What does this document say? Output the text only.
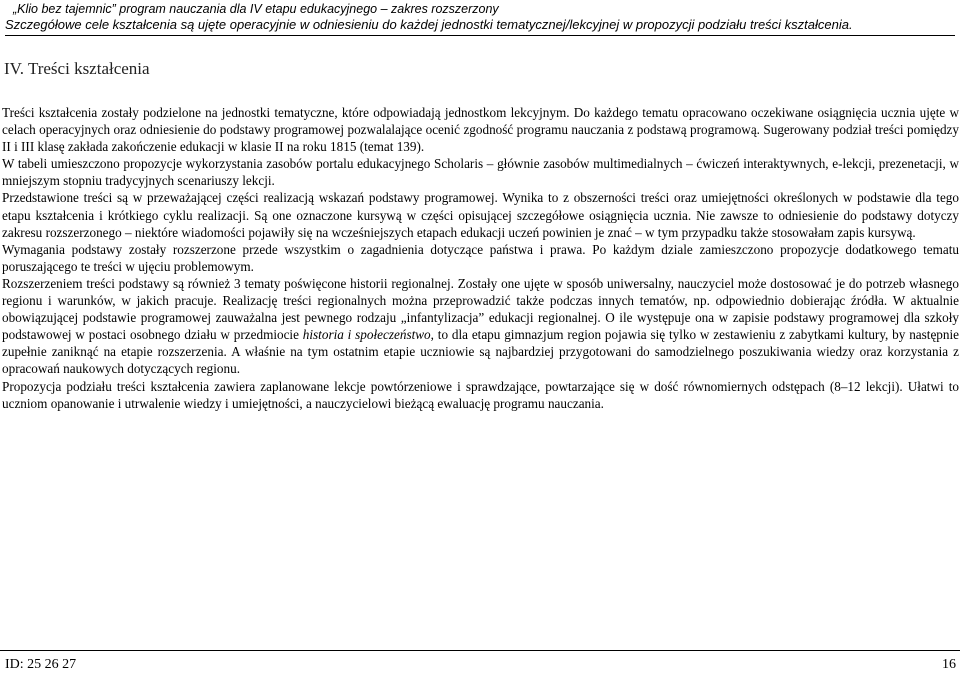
„Klio bez tajemnic” program nauczania dla IV etapu edukacyjnego – zakres rozszerzony
Szczegółowe cele kształcenia są ujęte operacyjnie w odniesieniu do każdej jednostki tematycznej/lekcyjnej w propozycji podziału treści kształcenia.
IV. Treści kształcenia

Treści kształcenia zostały podzielone na jednostki tematyczne, które odpowiadają jednostkom lekcyjnym. Do każdego tematu opracowano oczekiwane osiągnięcia ucznia ujęte w celach operacyjnych oraz odniesienie do podstawy programowej pozwalalające ocenić zgodność programu nauczania z podstawą programową. Sugerowany podział treści pomiędzy II i III klasę zakłada zakończenie edukacji w klasie II na roku 1815 (temat 139).

W tabeli umieszczono propozycje wykorzystania zasobów portalu edukacyjnego Scholaris – głównie zasobów multimedialnych – ćwiczeń interaktywnych, e-lekcji, prezenetacji, w mniejszym stopniu tradycyjnych scenariuszy lekcji.

Przedstawione treści są w przeważającej części realizacją wskazań podstawy programowej. Wynika to z obszerności treści oraz umiejętności określonych w podstawie dla tego etapu kształcenia i krótkiego cyklu realizacji. Są one oznaczone kursywą w części opisującej szczegółowe osiągnięcia ucznia. Nie zawsze to odniesienie do podstawy dotyczy zakresu rozszerzonego – niektóre wiadomości pojawiły się na wcześniejszych etapach edukacji uczeń powinien je znać – w tym przypadku także stosowałam zapis kursywą.

Wymagania podstawy zostały rozszerzone przede wszystkim o zagadnienia dotyczące państwa i prawa. Po każdym dziale zamieszczono propozycje dodatkowego tematu poruszającego te treści w ujęciu problemowym.

Rozszerzeniem treści podstawy są również 3 tematy poświęcone historii regionalnej. Zostały one ujęte w sposób uniwersalny, nauczyciel może dostosować je do potrzeb własnego regionu i warunków, w jakich pracuje. Realizację treści regionalnych można przeprowadzić także podczas innych tematów, np. odpowiednio dobierając źródła. W aktualnie obowiązującej podstawie programowej zauważalna jest pewnego rodzaju „infantylizacja” edukacji regionalnej. O ile występuje ona w zapisie podstawy programowej dla szkoły podstawowej w postaci osobnego działu w przedmiocie historia i społeczeństwo, to dla etapu gimnazjum region pojawia się tylko w zestawieniu z zabytkami kultury, by następnie zupełnie zaniknąć na etapie rozszerzenia. A właśnie na tym ostatnim etapie uczniowie są najbardziej przygotowani do samodzielnego poszukiwania wiedzy oraz korzystania z opracowań naukowych dotyczących regionu.

Propozycja podziału treści kształcenia zawiera zaplanowane lekcje powtórzeniowe i sprawdzające, powtarzające się w dość równomiernych odstępach (8–12 lekcji). Ułatwi to uczniom opanowanie i utrwalenie wiedzy i umiejętności, a nauczycielowi bieżącą ewaluację programu nauczania.

ID: 25 26 27	16
